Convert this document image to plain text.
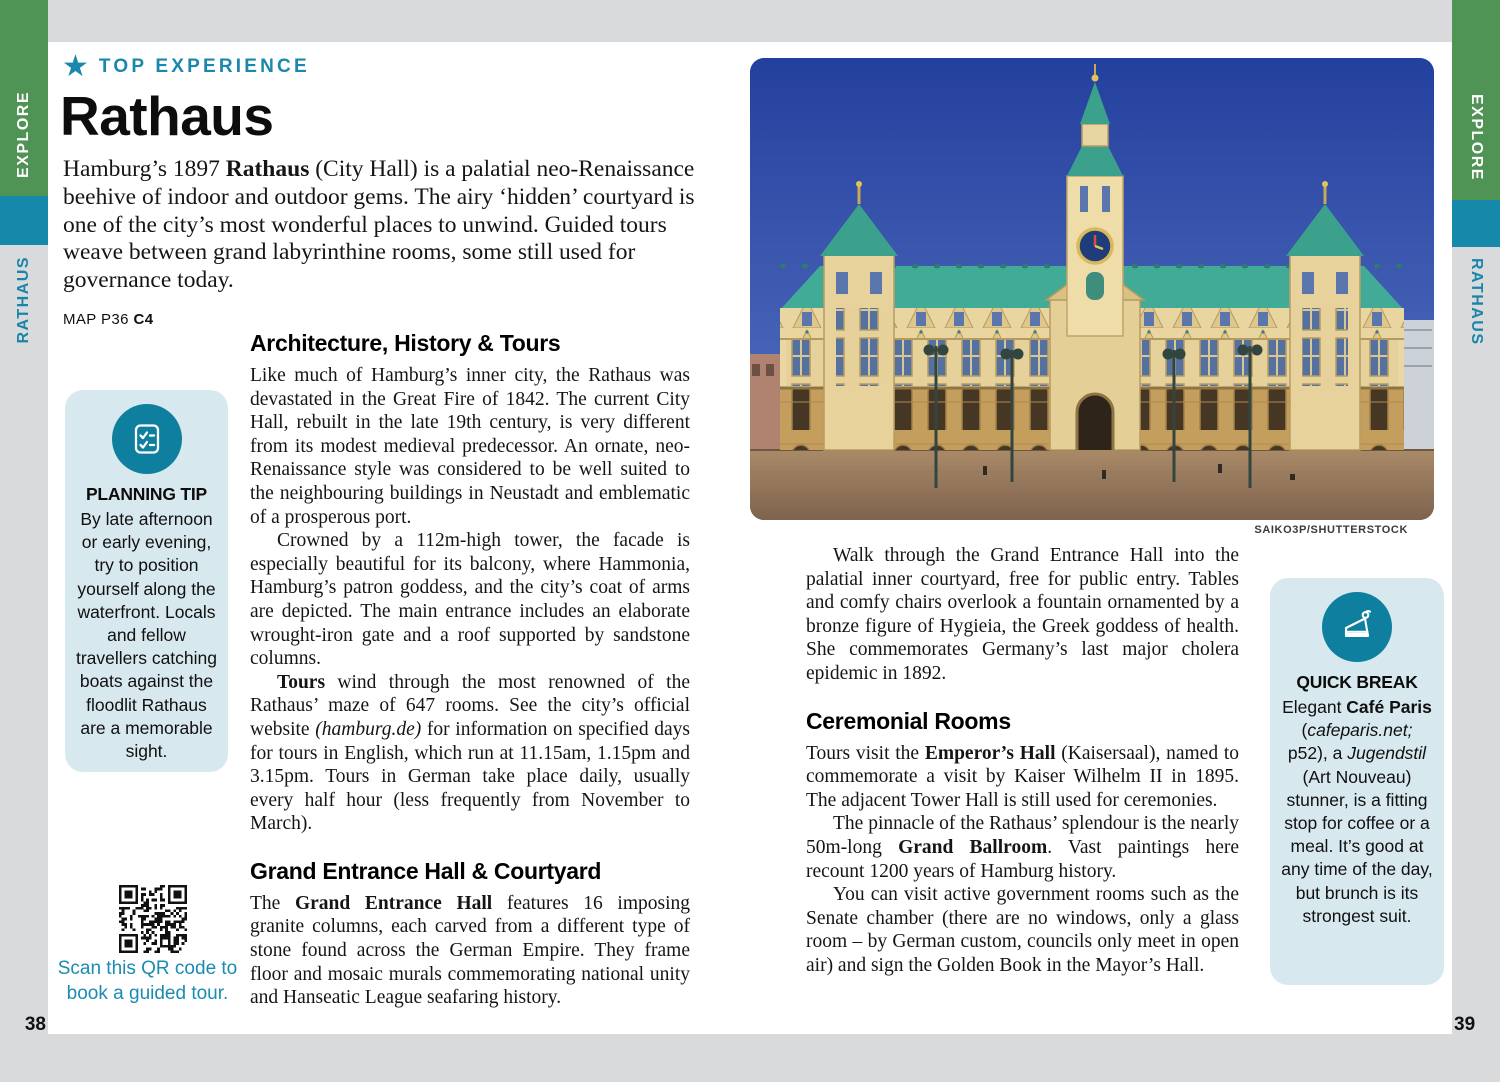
EXPLORE
RATHAUS
EXPLORE
RATHAUS
★ TOP EXPERIENCE
Rathaus

Hamburg’s 1897 Rathaus (City Hall) is a palatial neo-Renaissance beehive of indoor and outdoor gems. The airy ‘hidden’ courtyard is one of the city’s most wonderful places to unwind. Guided tours weave between grand labyrinthine rooms, some still used for governance today.

MAP P36 C4

PLANNING TIP
By late afternoon or early evening, try to position yourself along the waterfront. Locals and fellow travellers catching boats against the floodlit Rathaus are a memorable sight.
Scan this QR code to book a guided tour.
Architecture, History & Tours

Like much of Hamburg’s inner city, the Rathaus was devastated in the Great Fire of 1842. The current City Hall, rebuilt in the late 19th century, is very different from its modest medieval predecessor. An ornate, neo-Renaissance style was considered to be well suited to the neighbouring buildings in Neustadt and emblematic of a prosperous port.

Crowned by a 112m-high tower, the facade is especially beautiful for its balcony, where Hammonia, Hamburg’s patron goddess, and the city’s coat of arms are depicted. The main entrance includes an elaborate wrought-iron gate and a roof supported by sandstone columns.

Tours wind through the most renowned of the Rathaus’ maze of 647 rooms. See the city’s official website (hamburg.de) for information on specified days for tours in English, which run at 11.15am, 1.15pm and 3.15pm. Tours in German take place daily, usually every half hour (less frequently from November to March).

Grand Entrance Hall & Courtyard

The Grand Entrance Hall features 16 imposing granite columns, each carved from a different type of stone found across the German Empire. They frame floor and mosaic murals commemorating national unity and Hanseatic League seafaring history.

SAIKO3P/SHUTTERSTOCK

Walk through the Grand Entrance Hall into the palatial inner courtyard, free for public entry. Tables and comfy chairs overlook a fountain ornamented by a bronze figure of Hygieia, the Greek goddess of health. She commemorates Germany’s last major cholera epidemic in 1892.

Ceremonial Rooms

Tours visit the Emperor’s Hall (Kaisersaal), named to commemorate a visit by Kaiser Wilhelm II in 1895. The adjacent Tower Hall is still used for ceremonies.

The pinnacle of the Rathaus’ splendour is the nearly 50m-long Grand Ballroom. Vast paintings here recount 1200 years of Hamburg history.

You can visit active government rooms such as the Senate chamber (there are no windows, only a glass room – by German custom, councils only meet in open air) and sign the Golden Book in the Mayor’s Hall.

QUICK BREAK
Elegant Café Paris (cafeparis.net; p52), a Jugendstil (Art Nouveau) stunner, is a fitting stop for coffee or a meal. It’s good at any time of the day, but brunch is its strongest suit.
38	39
